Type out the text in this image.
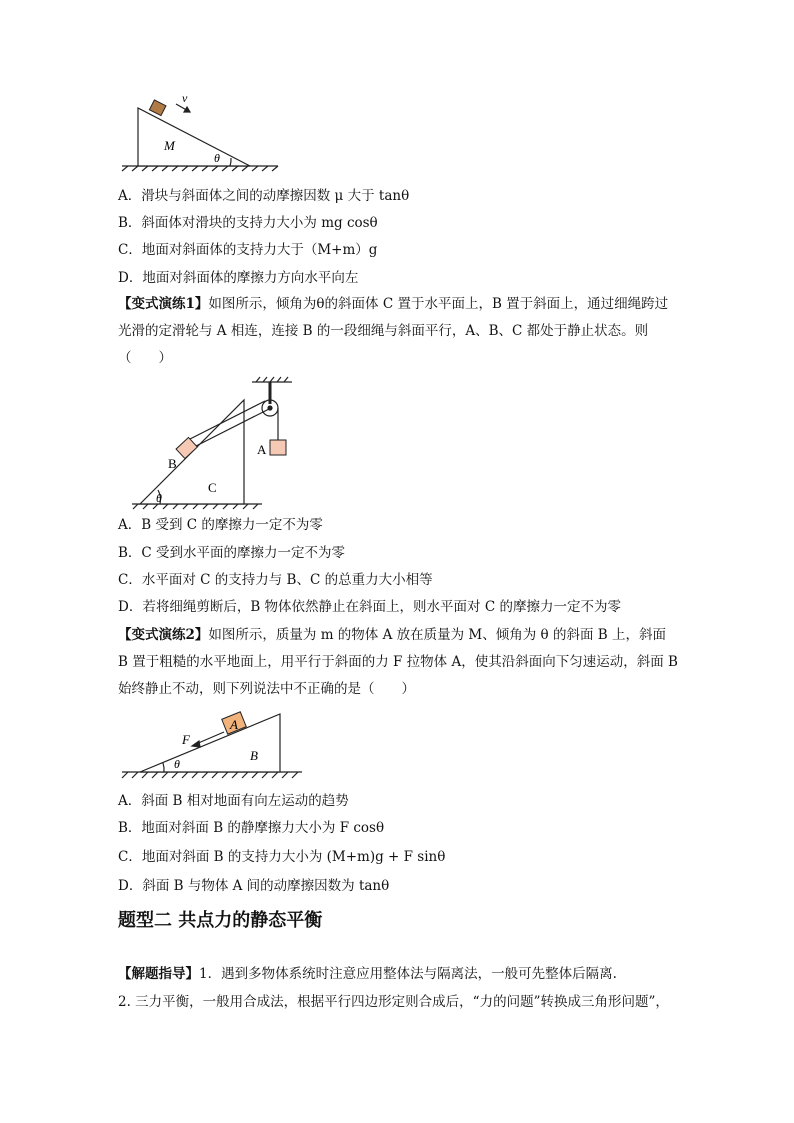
v
M
θ
A．滑块与斜面体之间的动摩擦因数 μ 大于 tanθ
B．斜面体对滑块的支持力大小为 mg cosθ
C．地面对斜面体的支持力大于（M+m）g
D．地面对斜面体的摩擦力方向水平向左
【变式演练1】如图所示，倾角为θ的斜面体 C 置于水平面上，B 置于斜面上，通过细绳跨过光滑的定滑轮与 A 相连，连接 B 的一段细绳与斜面平行，A、B、C 都处于静止状态。则（　　）
B
A
C
θ
A．B 受到 C 的摩擦力一定不为零
B．C 受到水平面的摩擦力一定不为零
C．水平面对 C 的支持力与 B、C 的总重力大小相等
D．若将细绳剪断后，B 物体依然静止在斜面上，则水平面对 C 的摩擦力一定不为零
【变式演练2】如图所示，质量为 m 的物体 A 放在质量为 M、倾角为 θ 的斜面 B 上，斜面 B 置于粗糙的水平地面上，用平行于斜面的力 F 拉物体 A，使其沿斜面向下匀速运动，斜面 B 始终静止不动，则下列说法中不正确的是（　　）
A
F
B
θ
A．斜面 B 相对地面有向左运动的趋势
B．地面对斜面 B 的静摩擦力大小为 F cosθ
C．地面对斜面 B 的支持力大小为 (M+m)g + F sinθ
D．斜面 B 与物体 A 间的动摩擦因数为 tanθ
题型二 共点力的静态平衡
【解题指导】1．遇到多物体系统时注意应用整体法与隔离法，一般可先整体后隔离.
2. 三力平衡，一般用合成法，根据平行四边形定则合成后，“力的问题”转换成三角形问题”，
